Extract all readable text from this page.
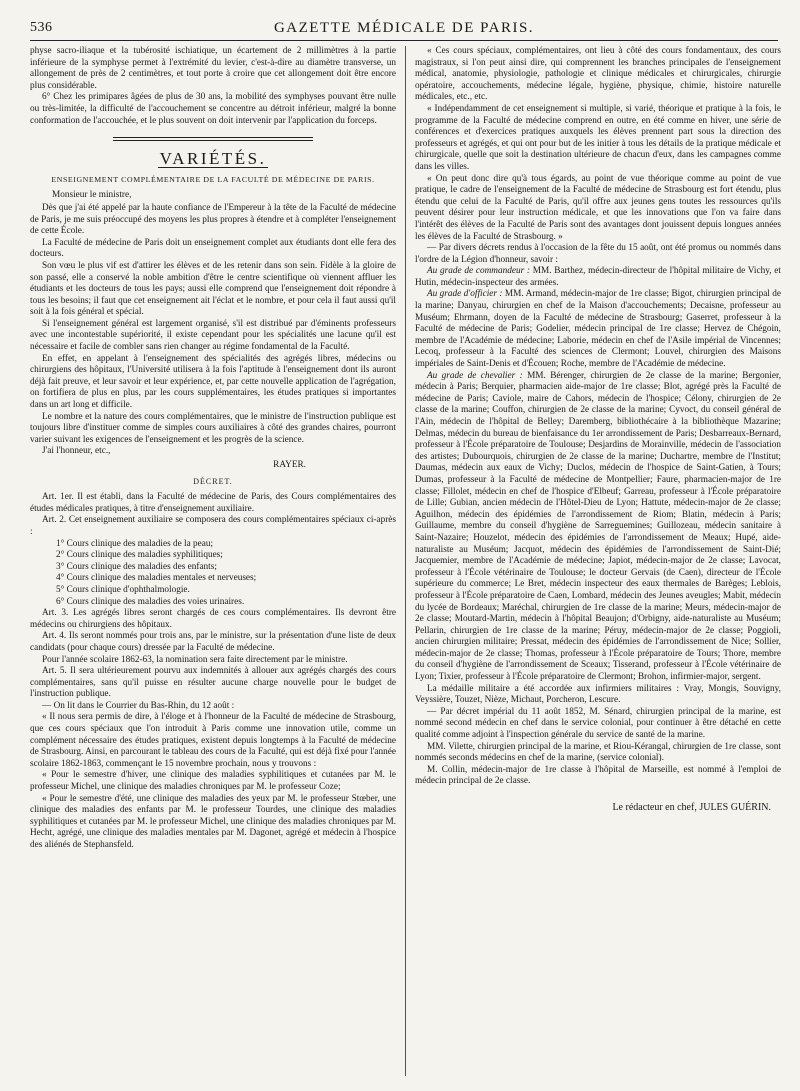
536	GAZETTE MÉDICALE DE PARIS.

physe sacro-iliaque et la tubérosité ischiatique, un écartement de 2 millimètres à la partie inférieure de la symphyse permet à l'extrémité du levier, c'est-à-dire au diamètre transverse, un allongement de près de 2 centimètres, et tout porte à croire que cet allongement doit être encore plus considérable.

6° Chez les primipares âgées de plus de 30 ans, la mobilité des symphyses pouvant être nulle ou très-limitée, la difficulté de l'accouchement se concentre au détroit inférieur, malgré la bonne conformation de l'accouchée, et le plus souvent on doit intervenir par l'application du forceps.

VARIÉTÉS.
ENSEIGNEMENT COMPLÉMENTAIRE DE LA FACULTÉ DE MÉDECINE DE PARIS.

Monsieur le ministre,

Dès que j'ai été appelé par la haute confiance de l'Empereur à la tête de la Faculté de médecine de Paris, je me suis préoccupé des moyens les plus propres à étendre et à compléter l'enseignement de cette École.

La Faculté de médecine de Paris doit un enseignement complet aux étudiants dont elle fera des docteurs.

Son vœu le plus vif est d'attirer les élèves et de les retenir dans son sein. Fidèle à la gloire de son passé, elle a conservé la noble ambition d'être le centre scientifique où viennent affluer les étudiants et les docteurs de tous les pays; aussi elle comprend que l'enseignement doit répondre à tous les besoins; il faut que cet enseignement ait l'éclat et le nombre, et pour cela il faut aussi qu'il soit à la fois général et spécial.

Si l'enseignement général est largement organisé, s'il est distribué par d'éminents professeurs avec une incontestable supériorité, il existe cependant pour les spécialités une lacune qu'il est nécessaire et facile de combler sans rien changer au régime fondamental de la Faculté.

En effet, en appelant à l'enseignement des spécialités des agrégés libres, médecins ou chirurgiens des hôpitaux, l'Université utilisera à la fois l'aptitude à l'enseignement dont ils auront déjà fait preuve, et leur savoir et leur expérience, et, par cette nouvelle application de l'agrégation, on fortifiera de plus en plus, par les cours supplémentaires, les études pratiques si importantes dans un art long et difficile.

Le nombre et la nature des cours complémentaires, que le ministre de l'instruction publique est toujours libre d'instituer comme de simples cours auxiliaires à côté des grandes chaires, pourront varier suivant les exigences de l'enseignement et les progrès de la science.

J'ai l'honneur, etc.,

RAYER.
DÉCRET.

Art. 1er. Il est établi, dans la Faculté de médecine de Paris, des Cours complémentaires des études médicales pratiques, à titre d'enseignement auxiliaire.

Art. 2. Cet enseignement auxiliaire se composera des cours complémentaires spéciaux ci-après :

1° Cours clinique des maladies de la peau;

2° Cours clinique des maladies syphilitiques;

3° Cours clinique des maladies des enfants;

4° Cours clinique des maladies mentales et nerveuses;

5° Cours clinique d'ophthalmologie.

6° Cours clinique des maladies des voies urinaires.

Art. 3. Les agrégés libres seront chargés de ces cours complémentaires. Ils devront être médecins ou chirurgiens des hôpitaux.

Art. 4. Ils seront nommés pour trois ans, par le ministre, sur la présentation d'une liste de deux candidats (pour chaque cours) dressée par la Faculté de médecine.

Pour l'année scolaire 1862-63, la nomination sera faite directement par le ministre.

Art. 5. Il sera ultérieurement pourvu aux indemnités à allouer aux agrégés chargés des cours complémentaires, sans qu'il puisse en résulter aucune charge nouvelle pour le budget de l'instruction publique.

— On lit dans le Courrier du Bas-Rhin, du 12 août :

« Il nous sera permis de dire, à l'éloge et à l'honneur de la Faculté de médecine de Strasbourg, que ces cours spéciaux que l'on introduit à Paris comme une innovation utile, comme un complément nécessaire des études pratiques, existent depuis longtemps à la Faculté de médecine de Strasbourg. Ainsi, en parcourant le tableau des cours de la Faculté, qui est déjà fixé pour l'année scolaire 1862-1863, commençant le 15 novembre prochain, nous y trouvons :

« Pour le semestre d'hiver, une clinique des maladies syphilitiques et cutanées par M. le professeur Michel, une clinique des maladies chroniques par M. le professeur Coze;

« Pour le semestre d'été, une clinique des maladies des yeux par M. le professeur Stœber, une clinique des maladies des enfants par M. le professeur Tourdes, une clinique des maladies syphilitiques et cutanées par M. le professeur Michel, une clinique des maladies chroniques par M. Hecht, agrégé, une clinique des maladies mentales par M. Dagonet, agrégé et médecin à l'hospice des aliénés de Stephansfeld.

« Ces cours spéciaux, complémentaires, ont lieu à côté des cours fondamentaux, des cours magistraux, si l'on peut ainsi dire, qui comprennent les branches principales de l'enseignement médical, anatomie, physiologie, pathologie et clinique médicales et chirurgicales, chirurgie opératoire, accouchements, médecine légale, hygiène, physique, chimie, histoire naturelle médicales, etc., etc.

« Indépendamment de cet enseignement si multiple, si varié, théorique et pratique à la fois, le programme de la Faculté de médecine comprend en outre, en été comme en hiver, une série de conférences et d'exercices pratiques auxquels les élèves prennent part sous la direction des professeurs et agrégés, et qui ont pour but de les initier à tous les détails de la pratique médicale et chirurgicale, quelle que soit la destination ultérieure de chacun d'eux, dans les campagnes comme dans les villes.

« On peut donc dire qu'à tous égards, au point de vue théorique comme au point de vue pratique, le cadre de l'enseignement de la Faculté de médecine de Strasbourg est fort étendu, plus étendu que celui de la Faculté de Paris, qu'il offre aux jeunes gens toutes les ressources qu'ils peuvent désirer pour leur instruction médicale, et que les innovations que l'on va faire dans l'intérêt des élèves de la Faculté de Paris sont des avantages dont jouissent depuis longues années les élèves de la Faculté de Strasbourg. »

— Par divers décrets rendus à l'occasion de la fête du 15 août, ont été promus ou nommés dans l'ordre de la Légion d'honneur, savoir :

Au grade de commandeur : MM. Barthez, médecin-directeur de l'hôpital militaire de Vichy, et Hutin, médecin-inspecteur des armées.

Au grade d'officier : MM. Armand, médecin-major de 1re classe; Bigot, chirurgien principal de la marine; Danyau, chirurgien en chef de la Maison d'accouchements; Decaisne, professeur au Muséum; Ehrmann, doyen de la Faculté de médecine de Strasbourg; Gaserret, professeur à la Faculté de médecine de Paris; Godelier, médecin principal de 1re classe; Hervez de Chégoin, membre de l'Académie de médecine; Laborie, médecin en chef de l'Asile impérial de Vincennes; Lecoq, professeur à la Faculté des sciences de Clermont; Louvel, chirurgien des Maisons impériales de Saint-Denis et d'Écouen; Roche, membre de l'Académie de médecine.

Au grade de chevalier : MM. Bérenger, chirurgien de 2e classe de la marine; Bergonier, médecin à Paris; Berquier, pharmacien aide-major de 1re classe; Blot, agrégé près la Faculté de médecine de Paris; Caviole, maire de Cahors, médecin de l'hospice; Célony, chirurgien de 2e classe de la marine; Couffon, chirurgien de 2e classe de la marine; Cyvoct, du conseil général de l'Ain, médecin de l'hôpital de Belley; Daremberg, bibliothécaire à la bibliothèque Mazarine; Delmas, médecin du bureau de bienfaisance du 1er arrondissement de Paris; Desbarreaux-Bernard, professeur à l'École préparatoire de Toulouse; Desjardins de Morainville, médecin de l'association des artistes; Dubourquois, chirurgien de 2e classe de la marine; Duchartre, membre de l'Institut; Daumas, médecin aux eaux de Vichy; Duclos, médecin de l'hospice de Saint-Gatien, à Tours; Dumas, professeur à la Faculté de médecine de Montpellier; Faure, pharmacien-major de 1re classe; Fillolet, médecin en chef de l'hospice d'Elbeuf; Garreau, professeur à l'École préparatoire de Lille; Gubian, ancien médecin de l'Hôtel-Dieu de Lyon; Hattute, médecin-major de 2e classe; Aguilhon, médecin des épidémies de l'arrondissement de Riom; Blatin, médecin à Paris; Guillaume, membre du conseil d'hygiène de Sarreguemines; Guillozeau, médecin sanitaire à Saint-Nazaire; Houzelot, médecin des épidémies de l'arrondissement de Meaux; Hupé, aide-naturaliste au Muséum; Jacquot, médecin des épidémies de l'arrondissement de Saint-Dié; Jacquemier, membre de l'Académie de médecine; Japiot, médecin-major de 2e classe; Lavocat, professeur à l'École vétérinaire de Toulouse; le docteur Gervais (de Caen), directeur de l'École supérieure du commerce; Le Bret, médecin inspecteur des eaux thermales de Barèges; Leblois, professeur à l'École préparatoire de Caen, Lombard, médecin des Jeunes aveugles; Mabit, médecin du lycée de Bordeaux; Maréchal, chirurgien de 1re classe de la marine; Meurs, médecin-major de 2e classe; Moutard-Martin, médecin à l'hôpital Beaujon; d'Orbigny, aide-naturaliste au Muséum; Pellarin, chirurgien de 1re classe de la marine; Péruy, médecin-major de 2e classe; Poggioli, ancien chirurgien militaire; Pressat, médecin des épidémies de l'arrondissement de Nice; Sollier, médecin-major de 2e classe; Thomas, professeur à l'École préparatoire de Tours; Thore, membre du conseil d'hygiène de l'arrondissement de Sceaux; Tisserand, professeur à l'École vétérinaire de Lyon; Tixier, professeur à l'École préparatoire de Clermont; Brohon, infirmier-major, sergent.

La médaille militaire a été accordée aux infirmiers militaires : Vray, Mongis, Souvigny, Veyssière, Touzet, Nièze, Michaut, Porcheron, Lescure.

— Par décret impérial du 11 août 1852, M. Sénard, chirurgien principal de la marine, est nommé second médecin en chef dans le service colonial, pour continuer à être détaché en cette qualité comme adjoint à l'inspection générale du service de santé de la marine.

MM. Vilette, chirurgien principal de la marine, et Riou-Kérangal, chirurgien de 1re classe, sont nommés seconds médecins en chef de la marine, (service colonial).

M. Collin, médecin-major de 1re classe à l'hôpital de Marseille, est nommé à l'emploi de médecin principal de 2e classe.

Le rédacteur en chef, JULES GUÉRIN.
